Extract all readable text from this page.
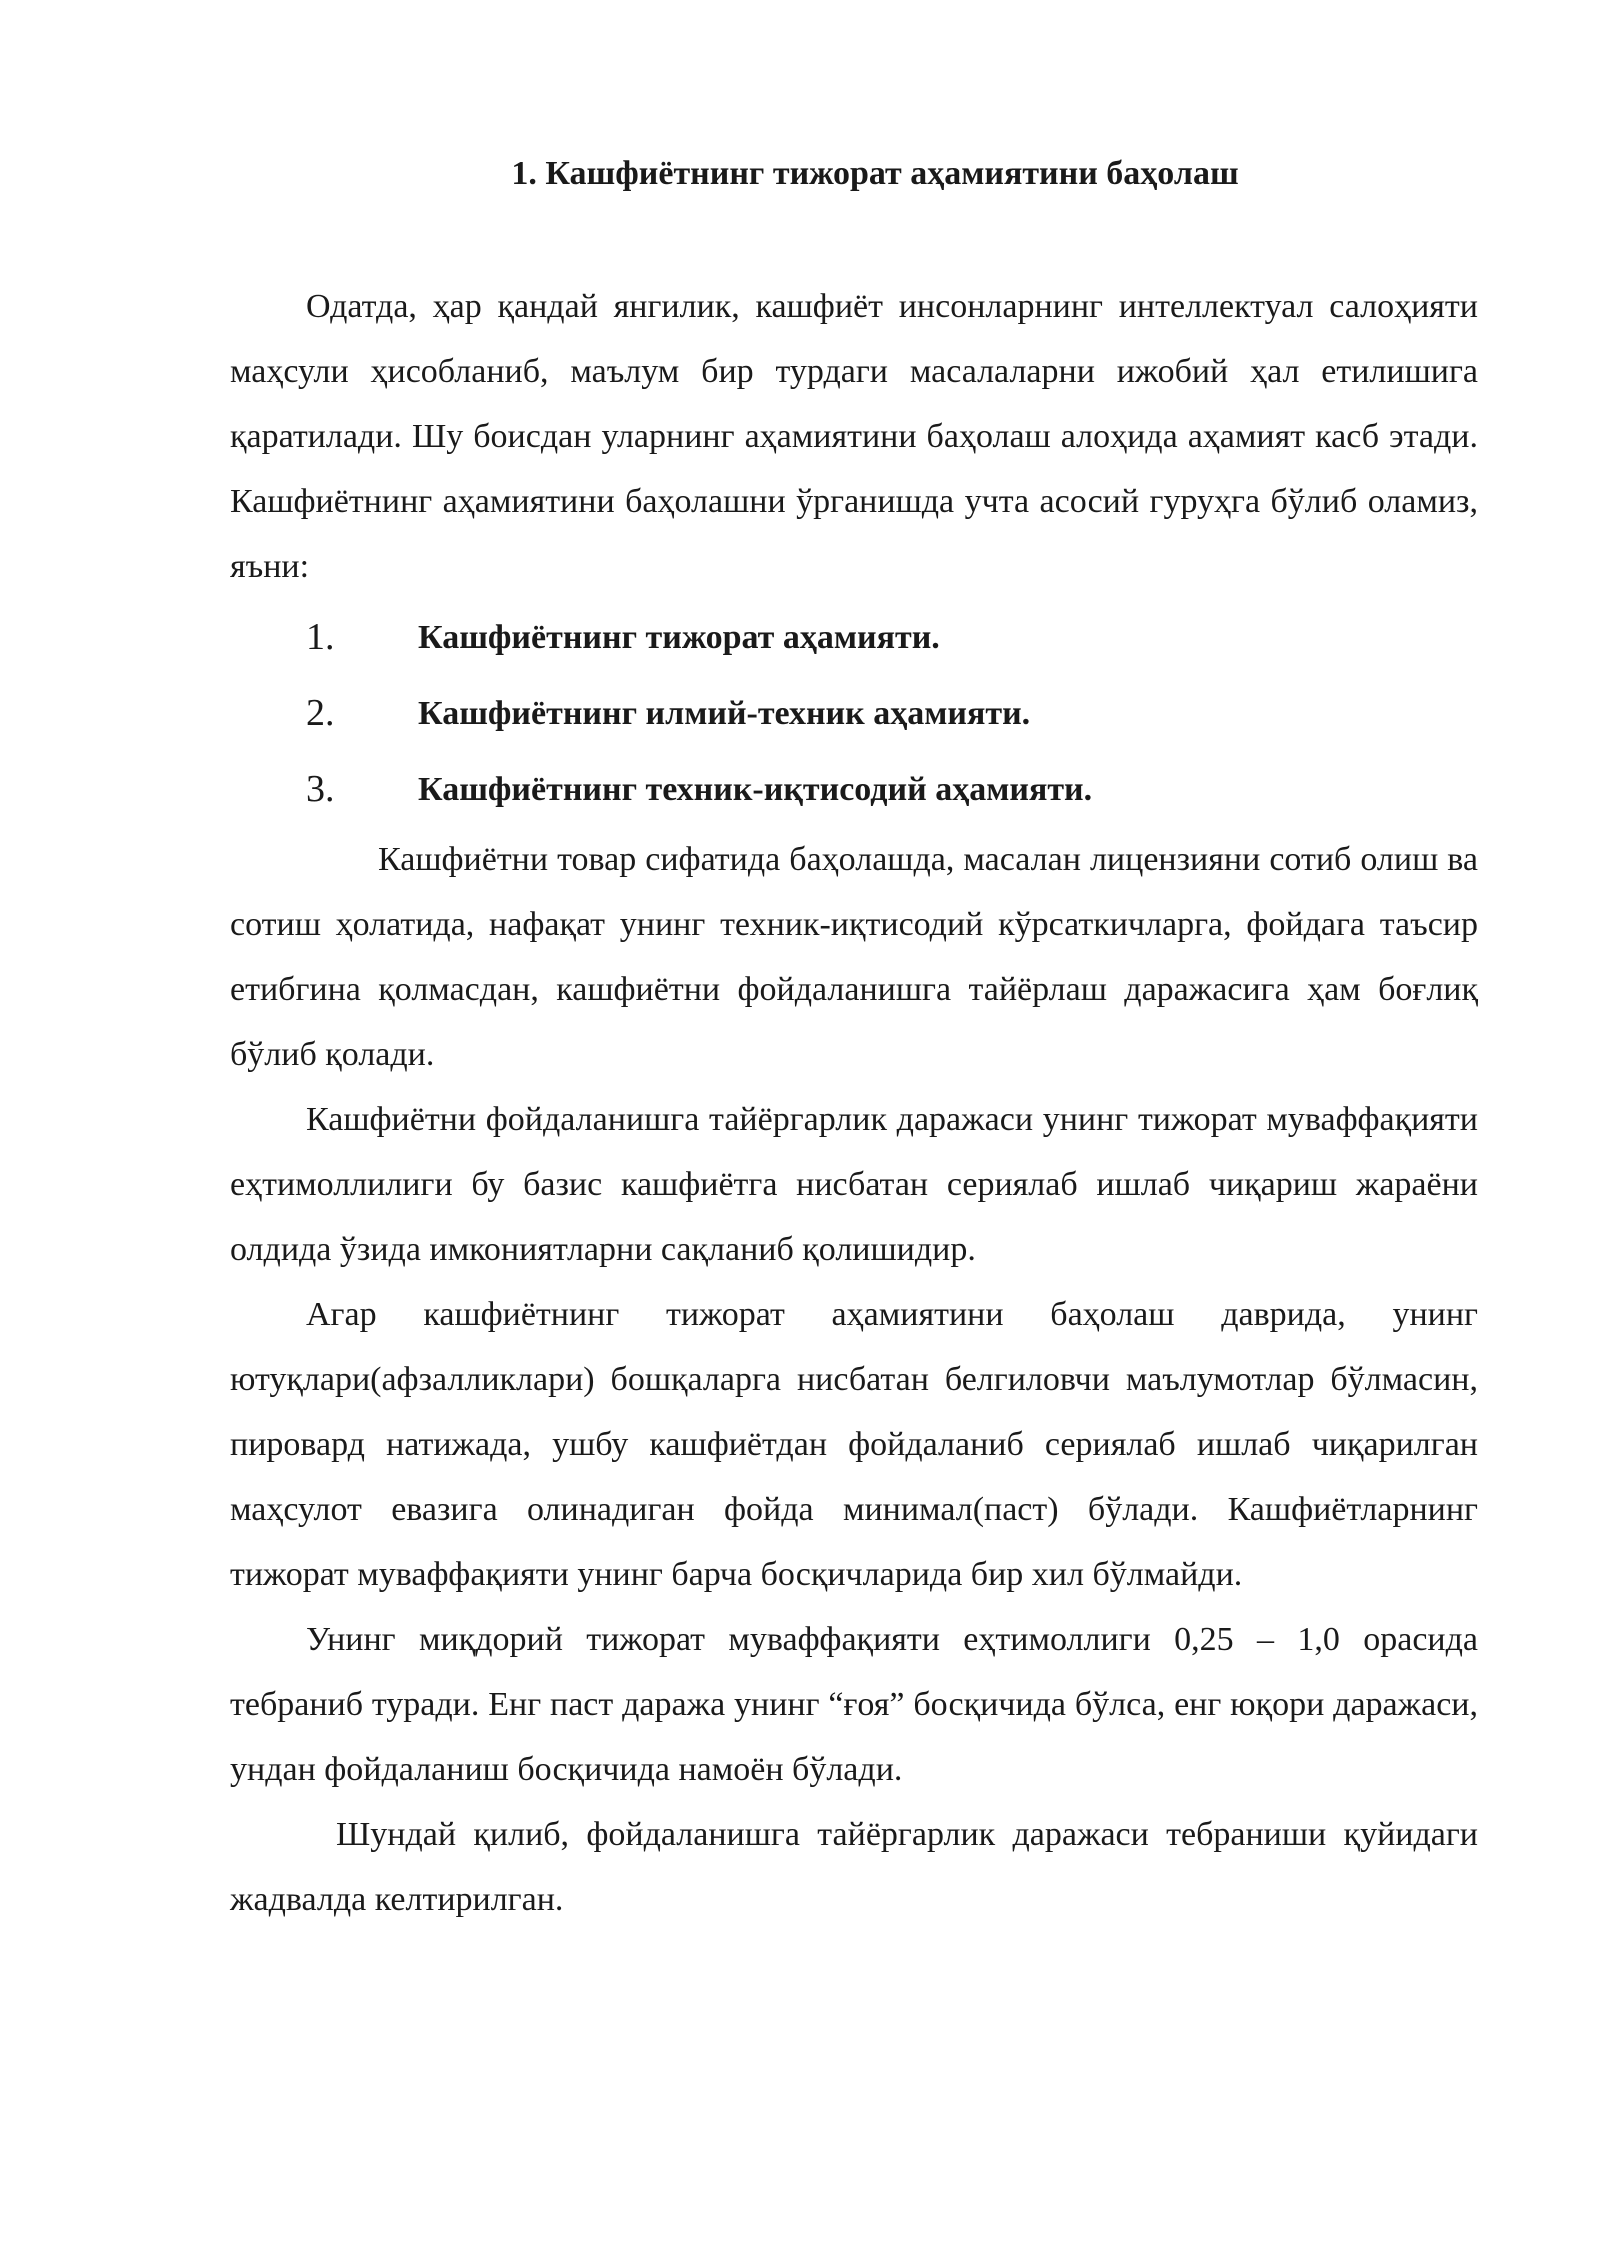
1. Кашфиётнинг тижорат аҳамиятини баҳолаш

Одатда, ҳар қандай янгилик, кашфиёт инсонларнинг интеллектуал салоҳияти маҳсули ҳисобланиб, маълум бир турдаги масалаларни ижобий ҳал етилишига қаратилади. Шу боисдан уларнинг аҳамиятини баҳолаш алоҳида аҳамият касб этади. Кашфиётнинг аҳамиятини баҳолашни ўрганишда учта асосий гуруҳга бўлиб оламиз, яъни:

1.	Кашфиётнинг тижорат аҳамияти.
2.	Кашфиётнинг илмий-техник аҳамияти.
3.	Кашфиётнинг техник-иқтисодий аҳамияти.

Кашфиётни товар сифатида баҳолашда, масалан лицензияни сотиб олиш ва сотиш ҳолатида, нафақат унинг техник-иқтисодий кўрсаткичларга, фойдага таъсир етибгина қолмасдан, кашфиётни фойдаланишга тайёрлаш даражасига ҳам боғлиқ бўлиб қолади.

Кашфиётни фойдаланишга тайёргарлик даражаси унинг тижорат муваффақияти еҳтимоллилиги бу базис кашфиётга нисбатан сериялаб ишлаб чиқариш жараёни олдида ўзида имкониятларни сақланиб қолишидир.

Агар кашфиётнинг тижорат аҳамиятини баҳолаш даврида, унинг ютуқлари(афзалликлари) бошқаларга нисбатан белгиловчи маълумотлар бўлмасин, пировард натижада, ушбу кашфиётдан фойдаланиб сериялаб ишлаб чиқарилган маҳсулот евазига олинадиган фойда минимал(паст) бўлади. Кашфиётларнинг тижорат муваффақияти унинг барча босқичларида бир хил бўлмайди.

Унинг миқдорий тижорат муваффақияти еҳтимоллиги 0,25 – 1,0 орасида тебраниб туради. Енг паст даража унинг “ғоя” босқичида бўлса, енг юқори даражаси, ундан фойдаланиш босқичида намоён бўлади.

Шундай қилиб, фойдаланишга тайёргарлик даражаси тебраниши қуйидаги жадвалда келтирилган.
